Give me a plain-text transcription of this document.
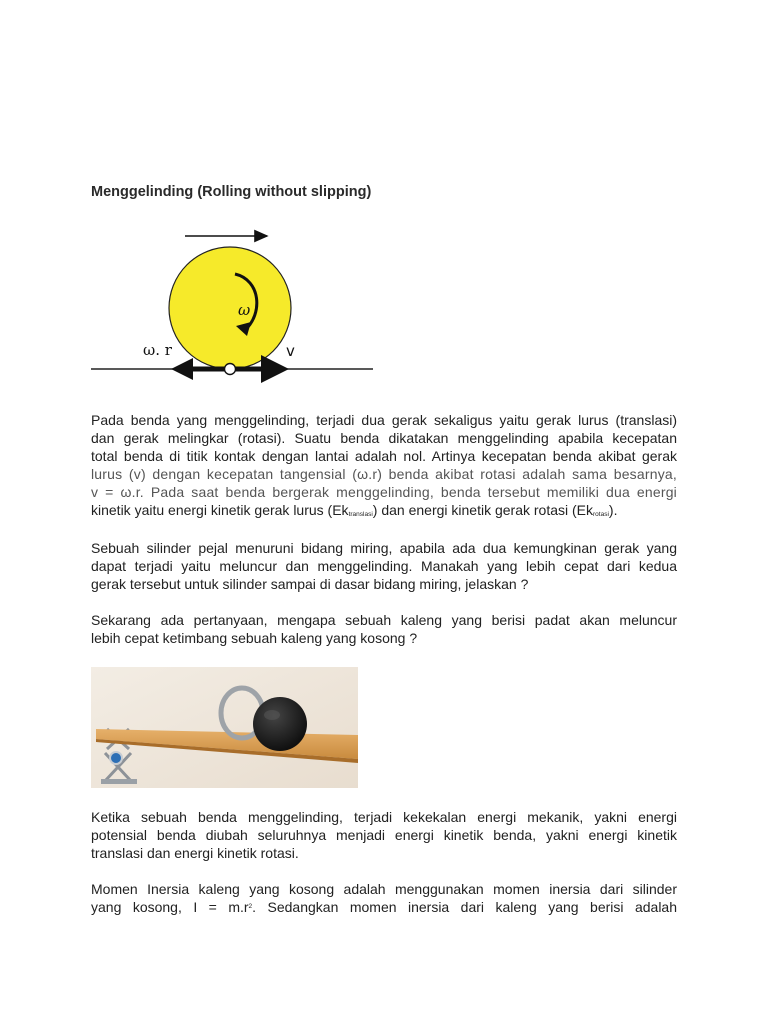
Menggelinding (Rolling without slipping)
ω
ω. r	v
Pada benda yang menggelinding, terjadi dua gerak sekaligus yaitu gerak lurus (translasi)
dan gerak melingkar (rotasi). Suatu benda dikatakan menggelinding apabila kecepatan
total benda di titik kontak dengan lantai adalah nol. Artinya kecepatan benda akibat gerak
lurus (v) dengan kecepatan tangensial (ω.r) benda akibat rotasi adalah sama besarnya,
v = ω.r. Pada saat benda bergerak menggelinding, benda tersebut memiliki dua energi
kinetik yaitu energi kinetik gerak lurus (Ektranslasi) dan energi kinetik gerak rotasi (Ekrotasi).
Sebuah silinder pejal menuruni bidang miring, apabila ada dua kemungkinan gerak yang
dapat terjadi yaitu meluncur dan menggelinding. Manakah yang lebih cepat dari kedua
gerak tersebut untuk silinder sampai di dasar bidang miring, jelaskan ?
Sekarang ada pertanyaan, mengapa sebuah kaleng yang berisi padat akan meluncur
lebih cepat ketimbang sebuah kaleng yang kosong ?
Ketika sebuah benda menggelinding, terjadi kekekalan energi mekanik, yakni energi
potensial benda diubah seluruhnya menjadi energi kinetik benda, yakni energi kinetik
translasi dan energi kinetik rotasi.
Momen Inersia kaleng yang kosong adalah menggunakan momen inersia dari silinder
yang kosong, $I = m.r^2$. Sedangkan momen inersia dari kaleng yang berisi adalah
